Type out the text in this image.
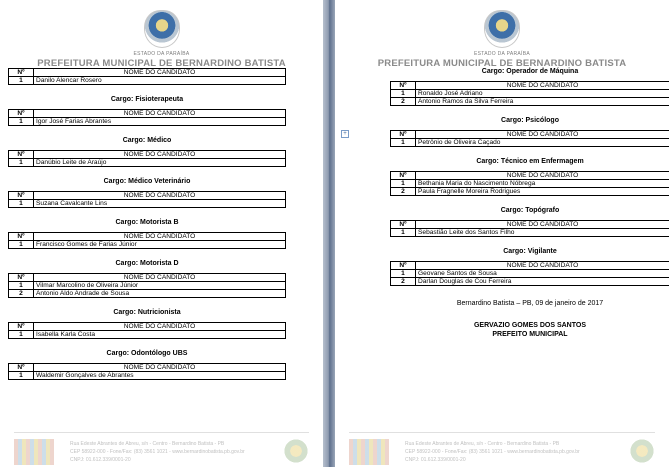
ESTADO DA PARAÍBA
PREFEITURA MUNICIPAL DE BERNARDINO BATISTA
Nº	NOME DO CANDIDATO
1	Danilo Alencar Rosero
Cargo: Fisioterapeuta
Nº	NOME DO CANDIDATO
1	Igor José Farias Abrantes
Cargo: Médico
Nº	NOME DO CANDIDATO
1	Danúbio Leite de Araújo
Cargo: Médico Veterinário
Nº	NOME DO CANDIDATO
1	Suzana Cavalcante Lins
Cargo: Motorista B
Nº	NOME DO CANDIDATO
1	Francisco Gomes de Farias Júnior
Cargo: Motorista D
Nº	NOME DO CANDIDATO
1	Vilmar Marcolino de Oliveira Júnior
2	Antonio Aldo Andrade de Sousa
Cargo: Nutricionista
Nº	NOME DO CANDIDATO
1	Isabella Karla Costa
Cargo: Odontólogo UBS
Nº	NOME DO CANDIDATO
1	Waldemir Gonçalves de Abrantes
Rua Edeste Abrantes de Abreu, s/n - Centro - Bernardino Batista - PB
CEP 58922-000 - Fone/Fax: (83) 3561 1021 - www.bernardinobatista.pb.gov.br
CNPJ: 01.612.339/0001-20
ESTADO DA PARAÍBA
PREFEITURA MUNICIPAL DE BERNARDINO BATISTA
Cargo: Operador de Máquina
Nº	NOME DO CANDIDATO
1	Ronaldo José Adriano
2	Antonio Ramos da Silva Ferreira
Cargo: Psicólogo
Nº	NOME DO CANDIDATO
1	Petrônio de Oliveira Caçado
Cargo: Técnico em Enfermagem
Nº	NOME DO CANDIDATO
1	Bethania Maria do Nascimento Nóbrega
2	Paula Fragnelle Moreira Rodrigues
Cargo: Topógrafo
Nº	NOME DO CANDIDATO
1	Sebastião Leite dos Santos Filho
Cargo: Vigilante
Nº	NOME DO CANDIDATO
1	Geovane Santos de Sousa
2	Darlan Douglas de Cou Ferreira
Bernardino Batista – PB, 09 de janeiro de 2017
GERVAZIO GOMES DOS SANTOS
PREFEITO MUNICIPAL
Rua Edeste Abrantes de Abreu, s/n - Centro - Bernardino Batista - PB
CEP 58922-000 - Fone/Fax: (83) 3561 1021 - www.bernardinobatista.pb.gov.br
CNPJ: 01.612.339/0001-20
+
